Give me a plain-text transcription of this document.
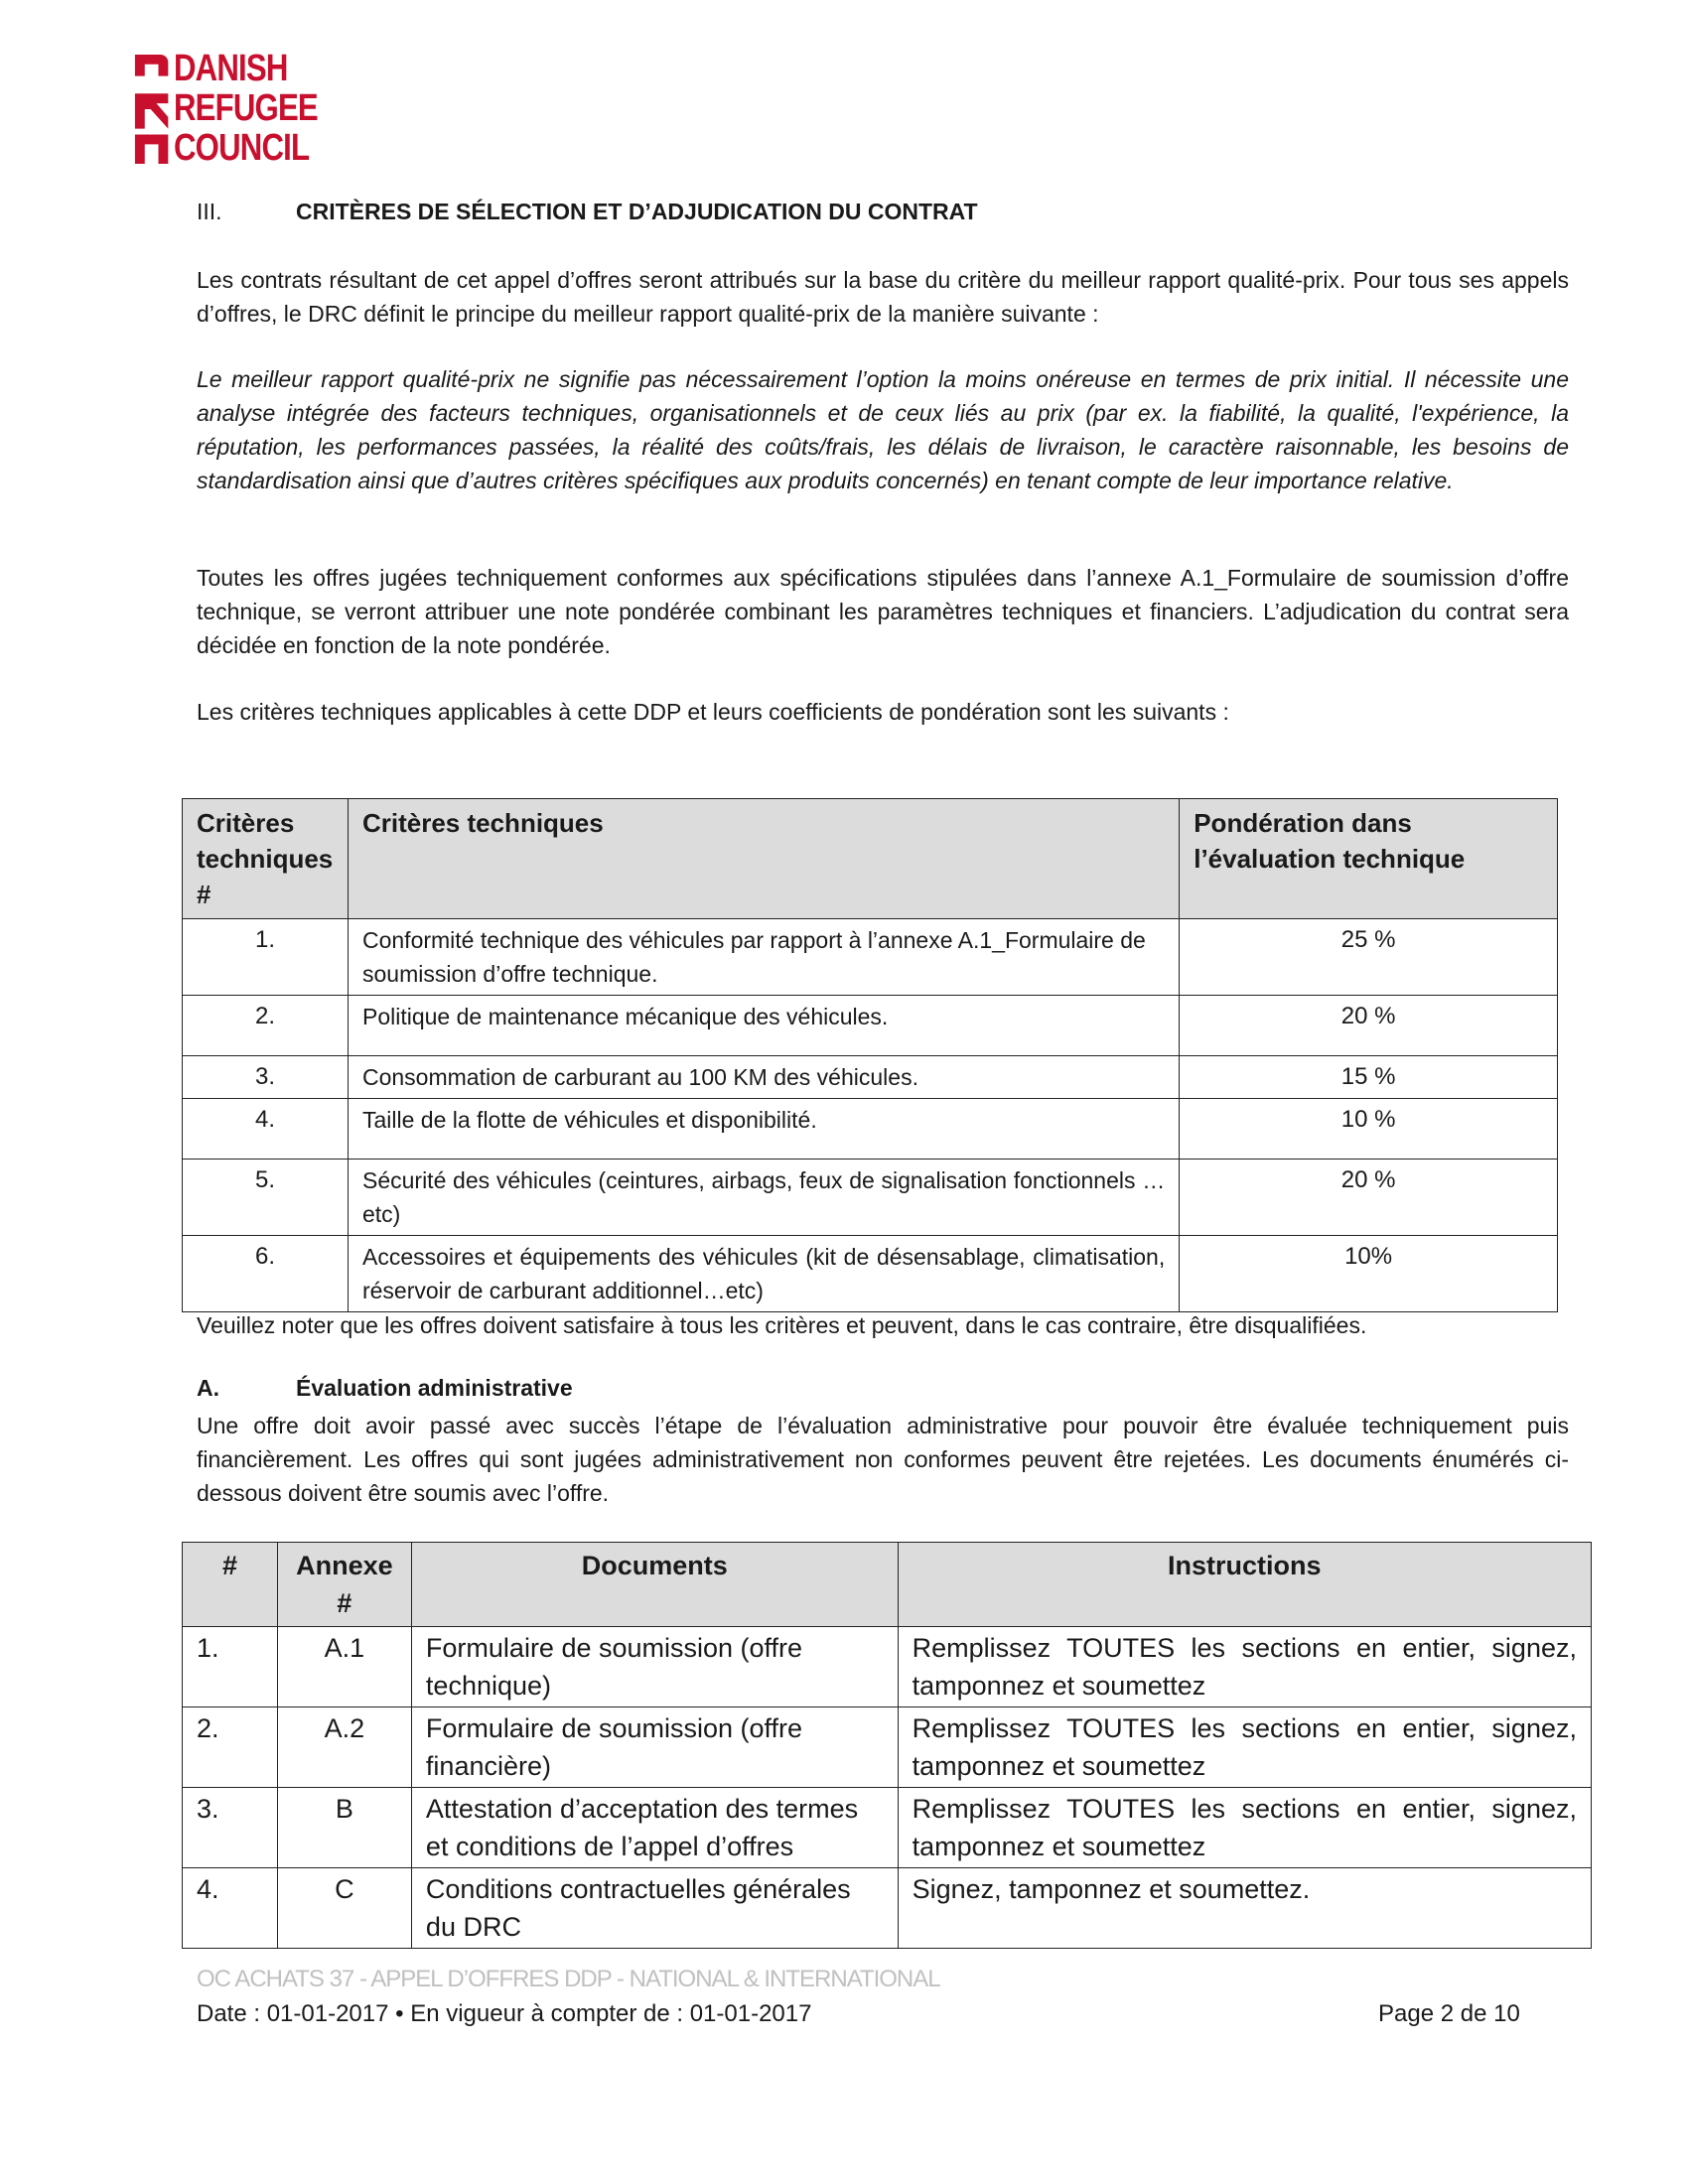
DANISH
REFUGEE
COUNCIL
III.	CRITÈRES DE SÉLECTION ET D’ADJUDICATION DU CONTRAT

Les contrats résultant de cet appel d’offres seront attribués sur la base du critère du meilleur rapport qualité-prix. Pour tous ses appels d’offres, le DRC définit le principe du meilleur rapport qualité-prix de la manière suivante :

Le meilleur rapport qualité-prix ne signifie pas nécessairement l’option la moins onéreuse en termes de prix initial. Il nécessite une analyse intégrée des facteurs techniques, organisationnels et de ceux liés au prix (par ex. la fiabilité, la qualité, l'expérience, la réputation, les performances passées, la réalité des coûts/frais, les délais de livraison, le caractère raisonnable, les besoins de standardisation ainsi que d’autres critères spécifiques aux produits concernés) en tenant compte de leur importance relative.

Toutes les offres jugées techniquement conformes aux spécifications stipulées dans l’annexe A.1_Formulaire de soumission d’offre technique, se verront attribuer une note pondérée combinant les paramètres techniques et financiers. L’adjudication du contrat sera décidée en fonction de la note pondérée.

Les critères techniques applicables à cette DDP et leurs coefficients de pondération sont les suivants :

Critères techniques #	Critères techniques	Pondération dans l’évaluation technique
1.	Conformité technique des véhicules par rapport à l’annexe A.1_Formulaire de soumission d’offre technique.	25 %
2.	Politique de maintenance mécanique des véhicules.	20 %
3.	Consommation de carburant au 100 KM des véhicules.	15 %
4.	Taille de la flotte de véhicules et disponibilité.	10 %
5.	Sécurité des véhicules (ceintures, airbags, feux de signalisation fonctionnels …etc)	20 %
6.	Accessoires et équipements des véhicules (kit de désensablage, climatisation, réservoir de carburant additionnel…etc)	10%

Veuillez noter que les offres doivent satisfaire à tous les critères et peuvent, dans le cas contraire, être disqualifiées.

A.	Évaluation administrative

Une offre doit avoir passé avec succès l’étape de l’évaluation administrative pour pouvoir être évaluée techniquement puis financièrement. Les offres qui sont jugées administrativement non conformes peuvent être rejetées. Les documents énumérés ci-dessous doivent être soumis avec l’offre.

#	Annexe #	Documents	Instructions
1.	A.1	Formulaire de soumission (offre technique)	Remplissez TOUTES les sections en entier, signez, tamponnez et soumettez
2.	A.2	Formulaire de soumission (offre financière)	Remplissez TOUTES les sections en entier, signez, tamponnez et soumettez
3.	B	Attestation d’acceptation des termes et conditions de l’appel d’offres	Remplissez TOUTES les sections en entier, signez, tamponnez et soumettez
4.	C	Conditions contractuelles générales du DRC	Signez, tamponnez et soumettez.
OC ACHATS 37 - APPEL D’OFFRES DDP - NATIONAL & INTERNATIONAL
Date : 01-01-2017 • En vigueur à compter de : 01-01-2017	Page 2 de 10
